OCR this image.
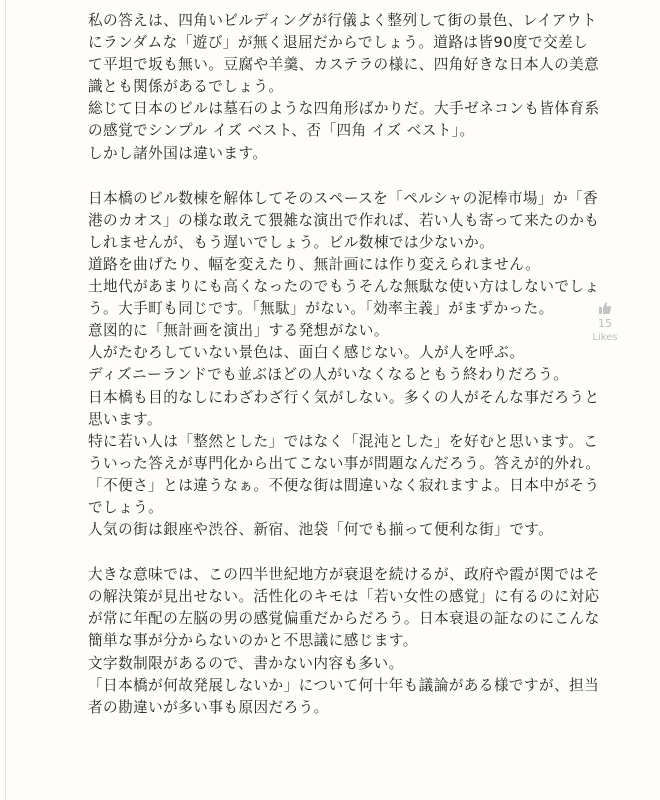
私の答えは、四角いビルディングが行儀よく整列して街の景色、レイアウト
にランダムな「遊び」が無く退屈だからでしょう。道路は皆90度で交差し
て平坦で坂も無い。豆腐や羊羹、カステラの様に、四角好きな日本人の美意
識とも関係があるでしょう。
総じて日本のビルは墓石のような四角形ばかりだ。大手ゼネコンも皆体育系
の感覚でシンプル イズ ベスト、否「四角 イズ ベスト」。
しかし諸外国は違います。
日本橋のビル数棟を解体してそのスペースを「ペルシャの泥棒市場」か「香
港のカオス」の様な敢えて猥雑な演出で作れば、若い人も寄って来たのかも
しれませんが、もう遅いでしょう。ビル数棟では少ないか。
道路を曲げたり、幅を変えたり、無計画には作り変えられません。
土地代があまりにも高くなったのでもうそんな無駄な使い方はしないでしょ
う。大手町も同じです。「無駄」がない。「効率主義」がまずかった。
意図的に「無計画を演出」する発想がない。
人がたむろしていない景色は、面白く感じない。人が人を呼ぶ。
ディズニーランドでも並ぶほどの人がいなくなるともう終わりだろう。
日本橋も目的なしにわざわざ行く気がしない。多くの人がそんな事だろうと
思います。
特に若い人は「整然とした」ではなく「混沌とした」を好むと思います。こ
ういった答えが専門化から出てこない事が問題なんだろう。答えが的外れ。
「不便さ」とは違うなぁ。不便な街は間違いなく寂れますよ。日本中がそう
でしょう。
人気の街は銀座や渋谷、新宿、池袋「何でも揃って便利な街」です。
大きな意味では、この四半世紀地方が衰退を続けるが、政府や霞が関ではそ
の解決策が見出せない。活性化のキモは「若い女性の感覚」に有るのに対応
が常に年配の左脳の男の感覚偏重だからだろう。日本衰退の証なのにこんな
簡単な事が分からないのかと不思議に感じます。
文字数制限があるので、書かない内容も多い。
「日本橋が何故発展しないか」について何十年も議論がある様ですが、担当
者の勘違いが多い事も原因だろう。
15
Likes
